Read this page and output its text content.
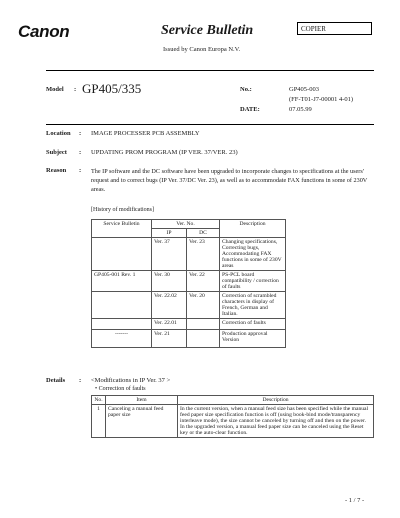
Canon	Service Bulletin	COPIER
Issued by Canon Europa N.V.
Model : GP405/335	No.:	GP405-003
(FF-T01-J7-00001 4-01)
DATE:	07.05.99
Location : IMAGE PROCESSER PCB ASSEMBLY
Subject : UPDATING PROM PROGRAM (IP VER. 37/VER. 23)
Reason : The IP software and the DC software have been upgraded to incorporate changes to specifications at the users' request and to correct bugs (IP Ver. 37/DC Ver. 23), as well as to accommodate FAX functions in some of 230V areas.
[History of modifications]
Service Bulletin	Ver. No.		Description
	IP	DC	
	Ver. 37	Ver. 23	Changing specifications, Correcting bugs, Accommodating FAX functions in some of 230V areas
GP405-001 Rev. 1	Ver. 30	Ver. 22	PS-PCL board compatibility / correction of faults
	Ver. 22.02	Ver. 20	Correction of scrambled characters in display of French, German and Italian.
	Ver. 22.01		Correction of faults
-------	Ver. 21		Production approval Version
Details : <Modifications in IP Ver. 37 >
• Correction of faults
No.	Item	Description
1	Canceling a manual feed paper size	In the current version, when a manual feed size has been specified while the manual feed paper size specification function is off (using book-bind mode/transparency interleave mode), the size cannot be canceled by turning off and then on the power. In the upgraded version, a manual feed paper size can be canceled using the Reset key or the auto-clear function.
- 1 / 7 -
